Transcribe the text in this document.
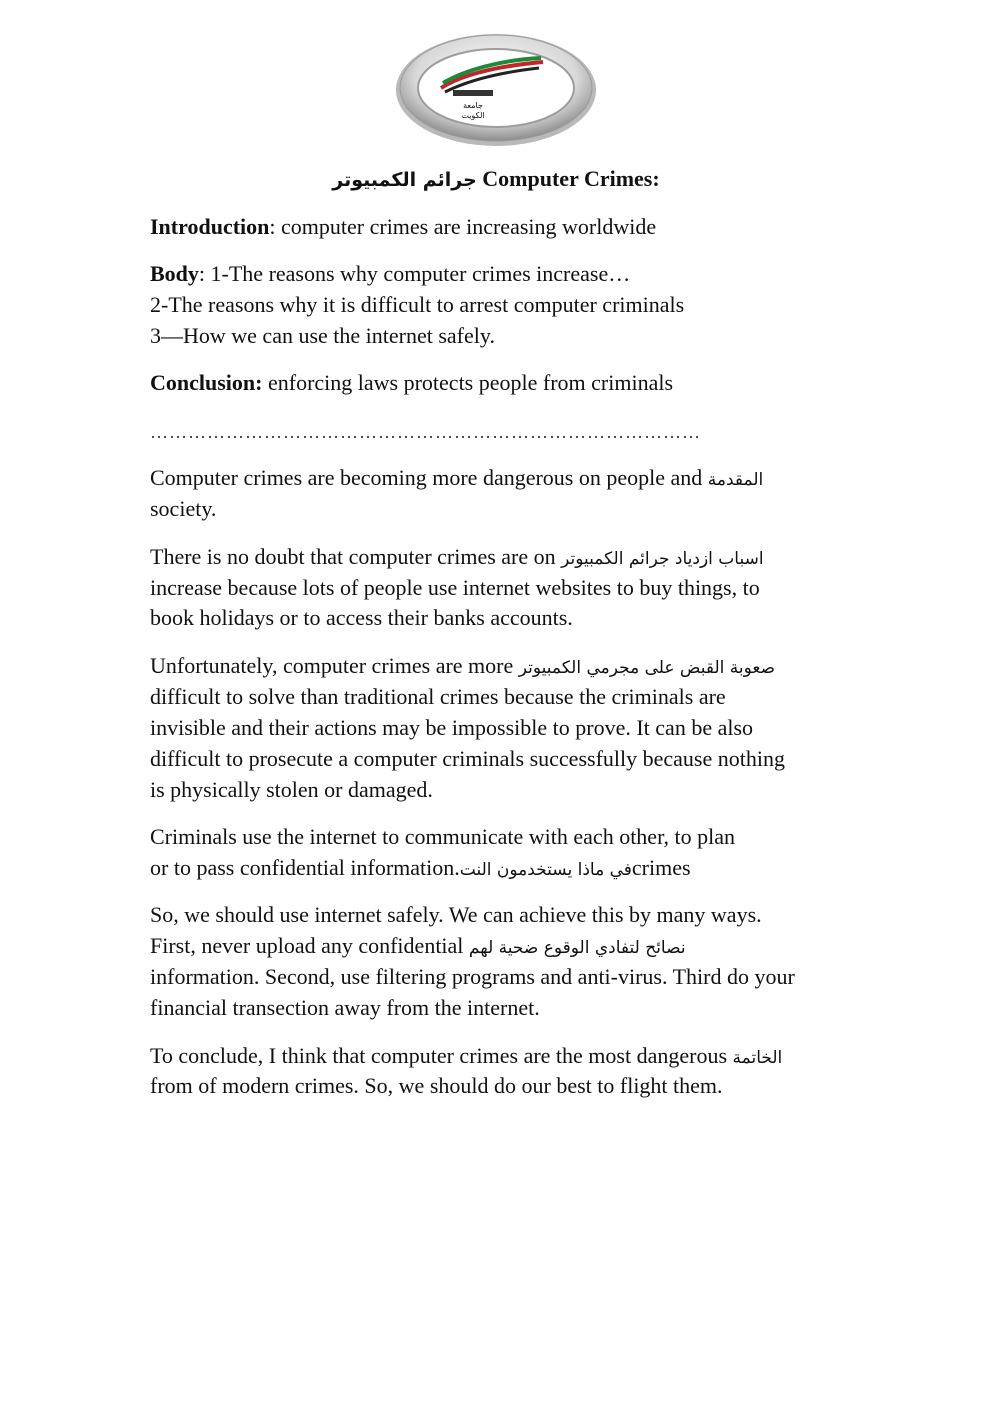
جامعة
الكويت
جرائم الكمبيوتر Computer Crimes:
Introduction: computer crimes are increasing worldwide
Body: 1-The reasons why computer crimes increase…
2-The reasons why it is difficult to arrest computer criminals
3—How we can use the internet safely.
Conclusion: enforcing laws protects people from criminals
……………………………………………………………………………
Computer crimes are becoming more dangerous on people and المقدمة
society.
There is no doubt that computer crimes are on اسباب ازدياد جرائم الكمبيوتر
increase because lots of people use internet websites to buy things, to
book holidays or to access their banks accounts.
Unfortunately, computer crimes are more صعوبة القبض على مجرمي الكمبيوتر
difficult to solve than traditional crimes because the criminals are
invisible and their actions may be impossible to prove. It can be also
difficult to prosecute a computer criminals successfully because nothing
is physically stolen or damaged.
Criminals use the internet to communicate with each other, to plan
or to pass confidential information.في ماذا يستخدمون النتcrimes
So, we should use internet safely. We can achieve this by many ways.
First, never upload any confidential نصائح لتفادي الوقوع ضحية لهم
information. Second, use filtering programs and anti-virus. Third do your
financial transection away from the internet.
To conclude, I think that computer crimes are the most dangerous الخاتمة
from of modern crimes. So, we should do our best to flight them.
